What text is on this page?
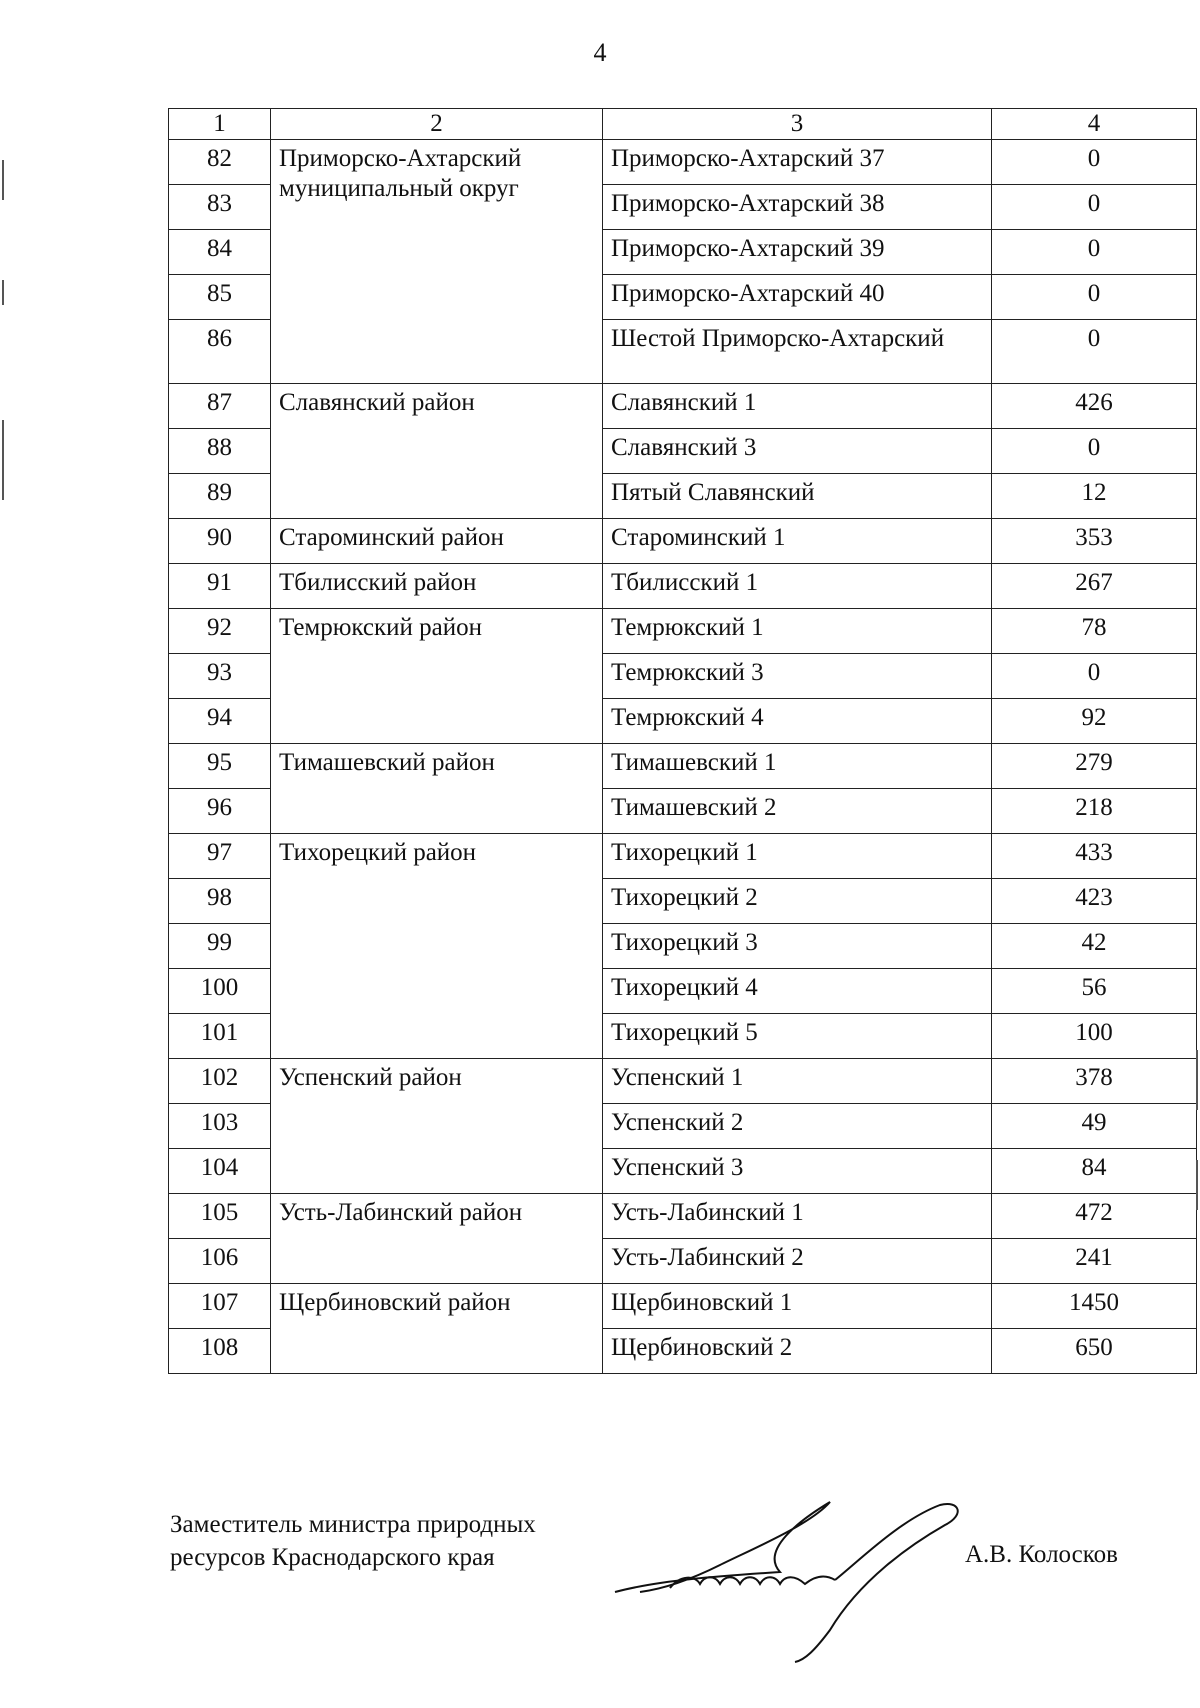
4
1	2	3	4
82	Приморско-Ахтарский муниципальный округ	Приморско-Ахтарский 37	0
83		Приморско-Ахтарский 38	0
84		Приморско-Ахтарский 39	0
85		Приморско-Ахтарский 40	0
86		Шестой Приморско-Ахтарский	0
87	Славянский район	Славянский 1	426
88		Славянский 3	0
89		Пятый Славянский	12
90	Староминский район	Староминский 1	353
91	Тбилисский район	Тбилисский 1	267
92	Темрюкский район	Темрюкский 1	78
93		Темрюкский 3	0
94		Темрюкский 4	92
95	Тимашевский район	Тимашевский 1	279
96		Тимашевский 2	218
97	Тихорецкий район	Тихорецкий 1	433
98		Тихорецкий 2	423
99		Тихорецкий 3	42
100		Тихорецкий 4	56
101		Тихорецкий 5	100
102	Успенский район	Успенский 1	378
103		Успенский 2	49
104		Успенский 3	84
105	Усть-Лабинский район	Усть-Лабинский 1	472
106		Усть-Лабинский 2	241
107	Щербиновский район	Щербиновский 1	1450
108		Щербиновский 2	650
Заместитель министра природных
ресурсов Краснодарского края	А.В. Колосков
